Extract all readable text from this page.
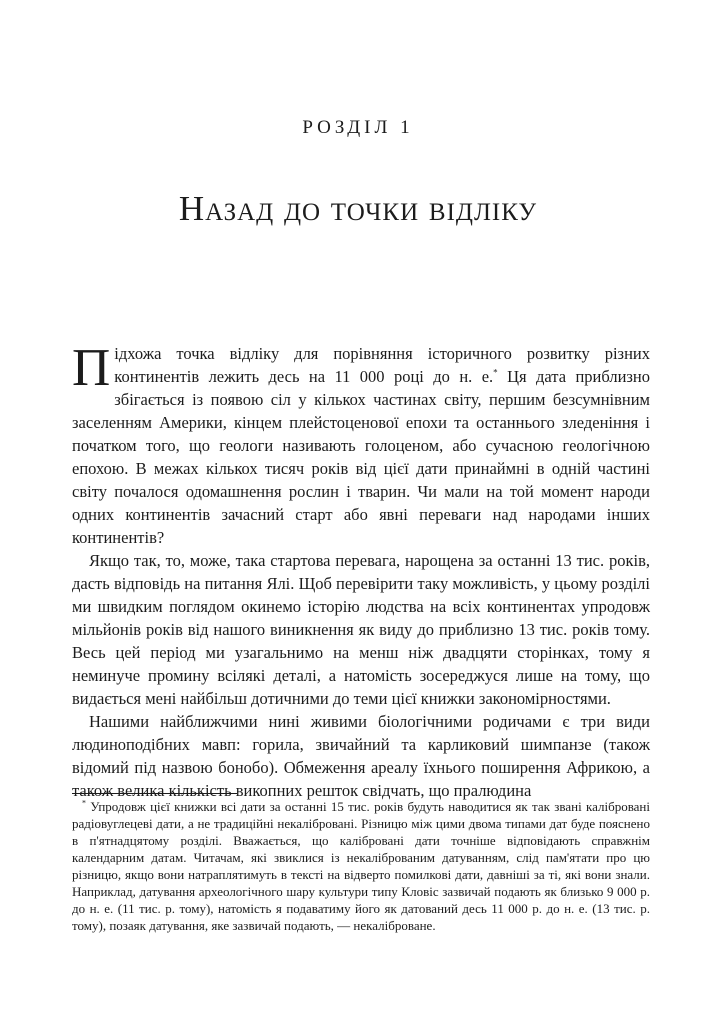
РОЗДІЛ 1
Назад до точки відліку

Підхожа точка відліку для порівняння історичного розвитку різних континентів лежить десь на 11 000 році до н. е.* Ця дата приблизно збігається із появою сіл у кількох частинах світу, першим безсумнівним заселенням Америки, кінцем плейстоценової епохи та останнього зледеніння і початком того, що геологи називають голоценом, або сучасною геологічною епохою. В межах кількох тисяч років від цієї дати принаймні в одній частині світу почалося одомашнення рослин і тварин. Чи мали на той момент народи одних континентів зачасний старт або явні переваги над народами інших континентів?

Якщо так, то, може, така стартова перевага, нарощена за останні 13 тис. років, дасть відповідь на питання Ялі. Щоб перевірити таку можливість, у цьому розділі ми швидким поглядом окинемо історію людства на всіх континентах упродовж мільйонів років від нашого виникнення як виду до приблизно 13 тис. років тому. Весь цей період ми узагальнимо на менш ніж двадцяти сторінках, тому я неминуче промину всілякі деталі, а натомість зосереджуся лише на тому, що видається мені найбільш дотичними до теми цієї книжки закономірностями.

Нашими найближчими нині живими біологічними родичами є три види людиноподібних мавп: горила, звичайний та карликовий шимпанзе (також відомий під назвою бонобо). Обмеження ареалу їхнього поширення Африкою, а також велика кількість викопних решток свідчать, що пралюдина

* Упродовж цієї книжки всі дати за останні 15 тис. років будуть наводитися як так звані калібровані радіовуглецеві дати, а не традиційні некалібровані. Різницю між цими двома типами дат буде пояснено в п'ятнадцятому розділі. Вважається, що калібровані дати точніше відповідають справжнім календарним датам. Читачам, які звиклися із некаліброваним датуванням, слід пам'ятати про цю різницю, якщо вони натраплятимуть в тексті на відверто помилкові дати, давніші за ті, які вони знали. Наприклад, датування археологічного шару культури типу Кловіс зазвичай подають як близько 9 000 р. до н. е. (11 тис. р. тому), натомість я подаватиму його як датований десь 11 000 р. до н. е. (13 тис. р. тому), позаяк датування, яке зазвичай подають, — некаліброване.
